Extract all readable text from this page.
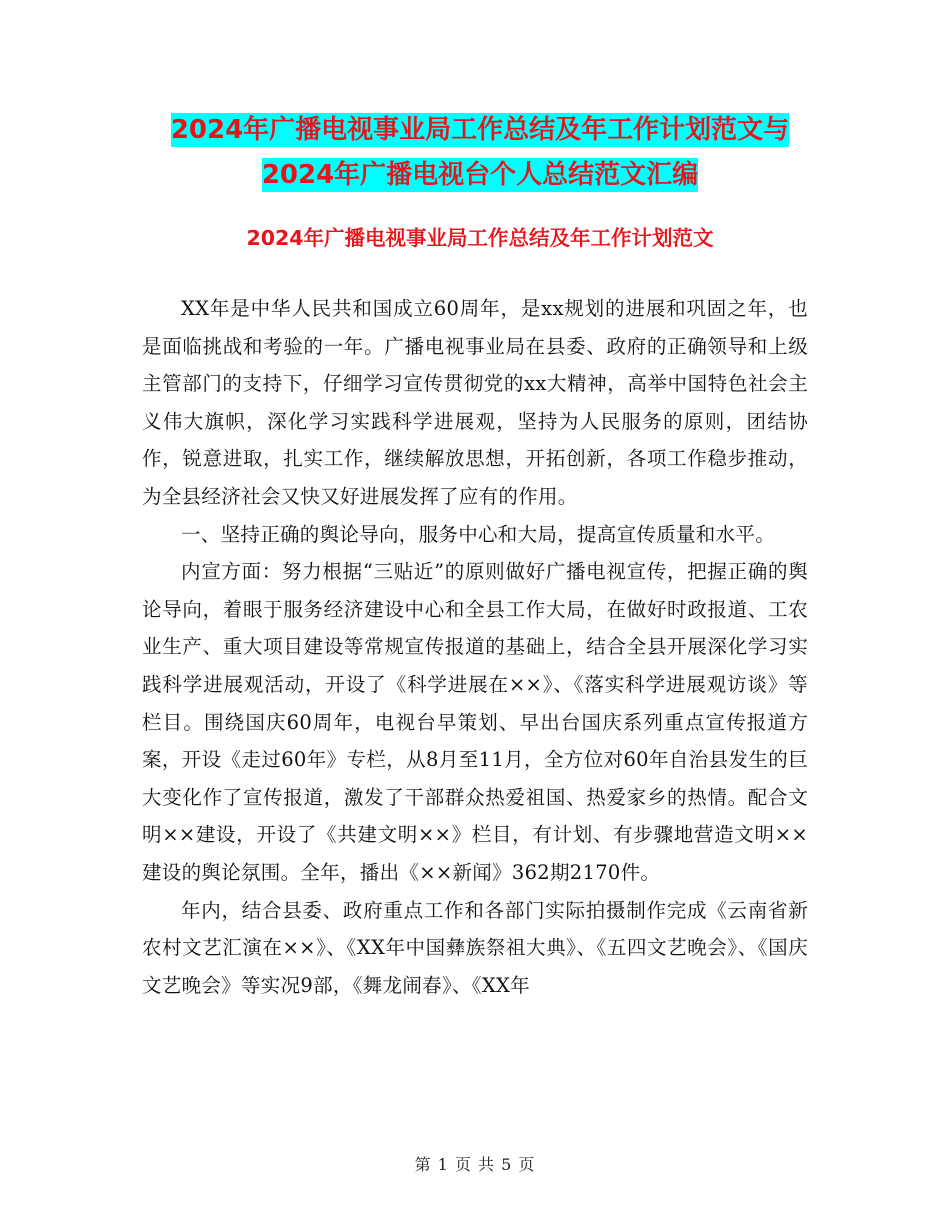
2024年广播电视事业局工作总结及年工作计划范文与
2024年广播电视台个人总结范文汇编
2024年广播电视事业局工作总结及年工作计划范文

XX年是中华人民共和国成立60周年，是xx规划的进展和巩固之年，也是面临挑战和考验的一年。广播电视事业局在县委、政府的正确领导和上级主管部门的支持下，仔细学习宣传贯彻党的xx大精神，高举中国特色社会主义伟大旗帜，深化学习实践科学进展观，坚持为人民服务的原则，团结协作，锐意进取，扎实工作，继续解放思想，开拓创新，各项工作稳步推动，为全县经济社会又快又好进展发挥了应有的作用。

一、坚持正确的舆论导向，服务中心和大局，提高宣传质量和水平。

内宣方面：努力根据“三贴近”的原则做好广播电视宣传，把握正确的舆论导向，着眼于服务经济建设中心和全县工作大局，在做好时政报道、工农业生产、重大项目建设等常规宣传报道的基础上，结合全县开展深化学习实践科学进展观活动，开设了《科学进展在××》、《落实科学进展观访谈》等栏目。围绕国庆60周年，电视台早策划、早出台国庆系列重点宣传报道方案，开设《走过60年》专栏，从8月至11月，全方位对60年自治县发生的巨大变化作了宣传报道，激发了干部群众热爱祖国、热爱家乡的热情。配合文明××建设，开设了《共建文明××》栏目，有计划、有步骤地营造文明××建设的舆论氛围。全年，播出《××新闻》362期2170件。

年内，结合县委、政府重点工作和各部门实际拍摄制作完成《云南省新农村文艺汇演在××》、《XX年中国彝族祭祖大典》、《五四文艺晚会》、《国庆文艺晚会》等实况9部，《舞龙闹春》、《XX年

第 1 页 共 5 页
